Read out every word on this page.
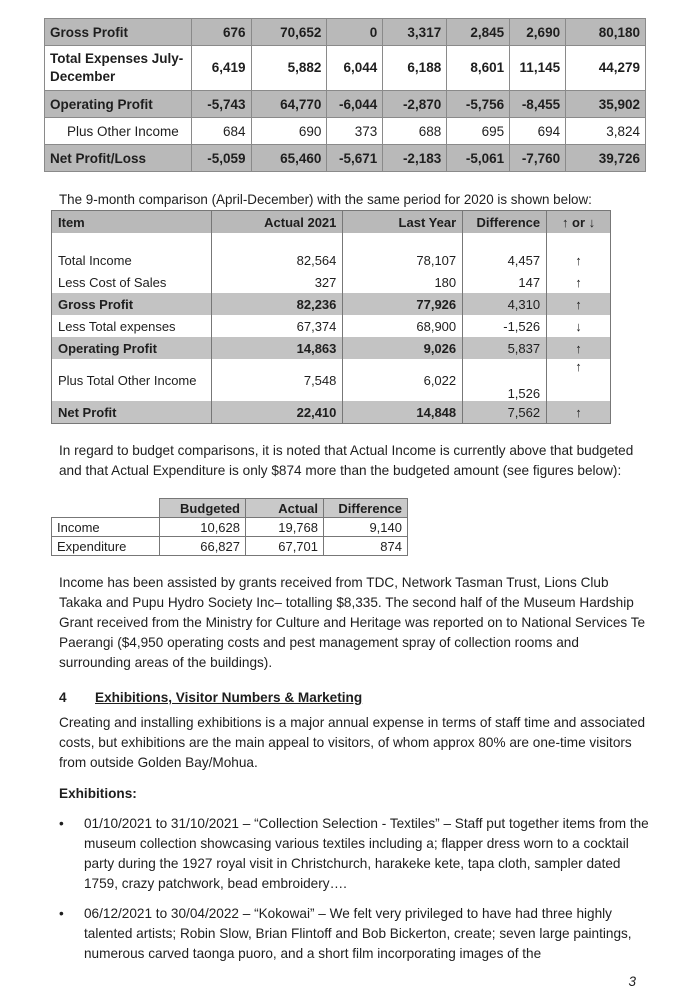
Gross Profit	676	70,652	0	3,317	2,845	2,690	80,180
Total Expenses July-December	6,419	5,882	6,044	6,188	8,601	11,145	44,279
Operating Profit	-5,743	64,770	-6,044	-2,870	-5,756	-8,455	35,902
Plus Other Income	684	690	373	688	695	694	3,824
Net Profit/Loss	-5,059	65,460	-5,671	-2,183	-5,061	-7,760	39,726

The 9-month comparison (April-December) with the same period for 2020 is shown below:

Item	Actual 2021	Last Year	Difference	↑ or ↓

Total Income	82,564	78,107	4,457	↑
Less Cost of Sales	327	180	147	↑
Gross Profit	82,236	77,926	4,310	↑
Less Total expenses	67,374	68,900	-1,526	↓
Operating Profit	14,863	9,026	5,837	↑
Plus Total Other Income	7,548	6,022	1,526	↑
Net Profit	22,410	14,848	7,562	↑

In regard to budget comparisons, it is noted that Actual Income is currently above that budgeted and that Actual Expenditure is only $874 more than the budgeted amount (see figures below):

	Budgeted	Actual	Difference
Income	10,628	19,768	9,140
Expenditure	66,827	67,701	874

Income has been assisted by grants received from TDC, Network Tasman Trust, Lions Club Takaka and Pupu Hydro Society Inc– totalling $8,335. The second half of the Museum Hardship Grant received from the Ministry for Culture and Heritage was reported on to National Services Te Paerangi ($4,950 operating costs and pest management spray of collection rooms and surrounding areas of the buildings).

4 Exhibitions, Visitor Numbers & Marketing

Creating and installing exhibitions is a major annual expense in terms of staff time and associated costs, but exhibitions are the main appeal to visitors, of whom approx 80% are one-time visitors from outside Golden Bay/Mohua.

Exhibitions:

• 01/10/2021 to 31/10/2021 – “Collection Selection - Textiles” – Staff put together items from the museum collection showcasing various textiles including a; flapper dress worn to a cocktail party during the 1927 royal visit in Christchurch, harakeke kete, tapa cloth, sampler dated 1759, crazy patchwork, bead embroidery….
• 06/12/2021 to 30/04/2022 – “Kokowai” – We felt very privileged to have had three highly talented artists; Robin Slow, Brian Flintoff and Bob Bickerton, create; seven large paintings, numerous carved taonga puoro, and a short film incorporating images of the
3
